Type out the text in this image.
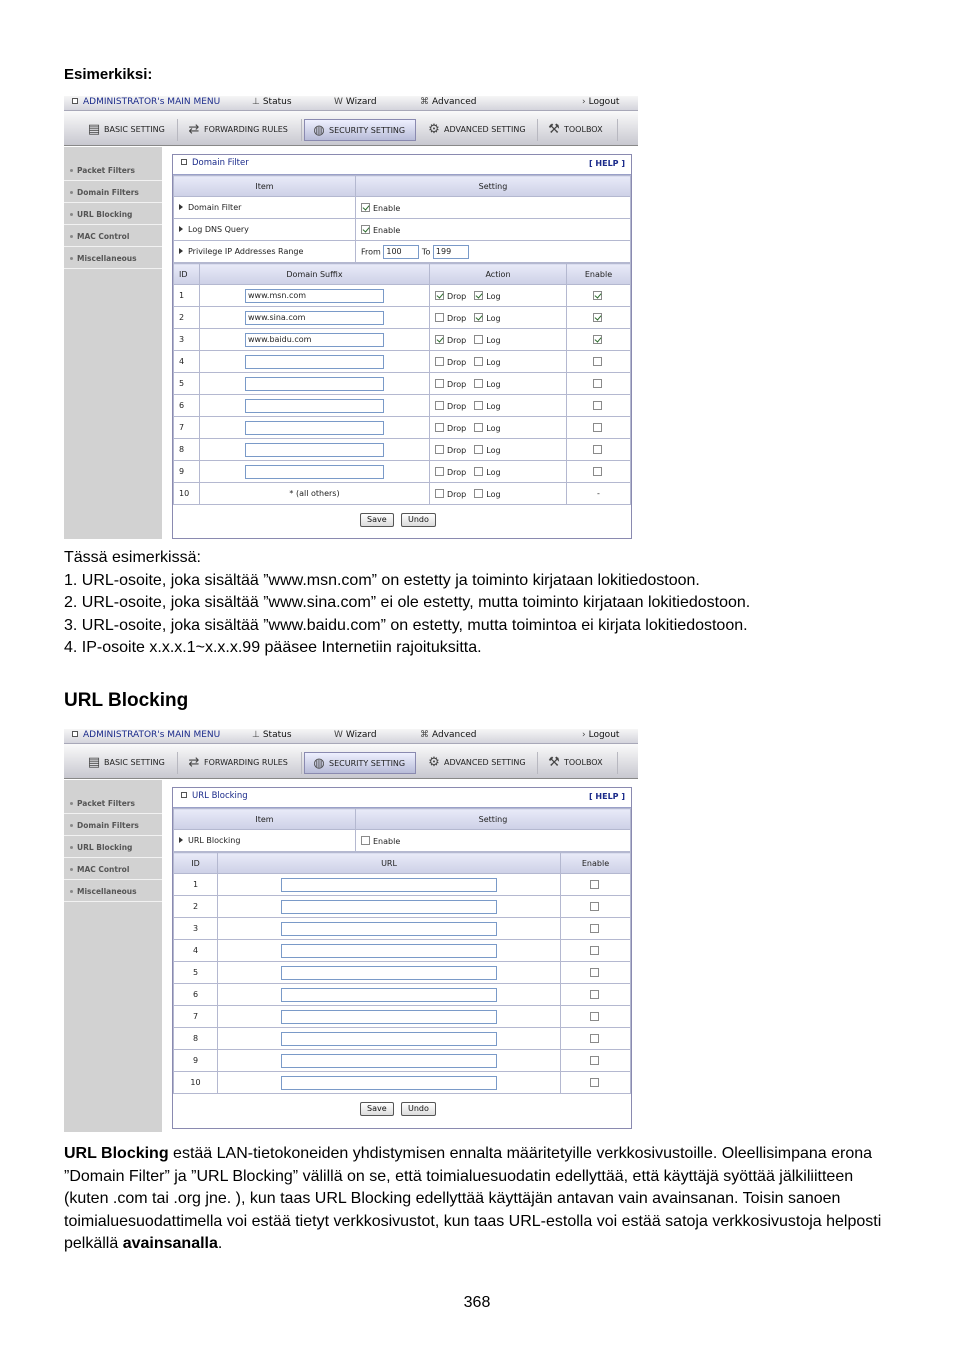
Esimerkiksi:
ADMINISTRATOR's MAIN MENU	⊥ Status	W Wizard	⌘ Advanced	› Logout
▤ BASIC SETTING	⇄ FORWARDING RULES	◍ SECURITY SETTING	⚙ ADVANCED SETTING	⚒ TOOLBOX
Packet Filters
Domain Filters
URL Blocking
MAC Control
Miscellaneous
Domain Filter	[ HELP ]
Item	Setting
Domain Filter	Enable
Log DNS Query	Enable
Privilege IP Addresses Range	From 100 To 199
ID	Domain Suffix	Action	Enable
1	www.msn.com	Drop Log	
2	www.sina.com	Drop Log	
3	www.baidu.com	Drop Log	
4		Drop Log	
5		Drop Log	
6		Drop Log	
7		Drop Log	
8		Drop Log	
9		Drop Log	
10	* (all others)	Drop Log	-
Save	Undo
Tässä esimerkissä:
1. URL-osoite, joka sisältää ”www.msn.com” on estetty ja toiminto kirjataan lokitiedostoon.
2. URL-osoite, joka sisältää ”www.sina.com” ei ole estetty, mutta toiminto kirjataan lokitiedostoon.
3. URL-osoite, joka sisältää ”www.baidu.com” on estetty, mutta toimintoa ei kirjata lokitiedostoon.
4. IP-osoite x.x.x.1~x.x.x.99 pääsee Internetiin rajoituksitta.
URL Blocking
ADMINISTRATOR's MAIN MENU	⊥ Status	W Wizard	⌘ Advanced	› Logout
▤ BASIC SETTING	⇄ FORWARDING RULES	◍ SECURITY SETTING	⚙ ADVANCED SETTING	⚒ TOOLBOX
Packet Filters
Domain Filters
URL Blocking
MAC Control
Miscellaneous
URL Blocking	[ HELP ]
Item	Setting
URL Blocking	Enable
ID	URL	Enable
1		
2		
3		
4		
5		
6		
7		
8		
9		
10		
Save	Undo
URL Blocking estää LAN-tietokoneiden yhdistymisen ennalta määritetyille verkkosivustoille. Oleellisimpana erona ”Domain Filter” ja ”URL Blocking” välillä on se, että toimialuesuodatin edellyttää, että käyttäjä syöttää jälkiliitteen (kuten .com tai .org jne. ), kun taas URL Blocking edellyttää käyttäjän antavan vain avainsanan. Toisin sanoen toimialuesuodattimella voi estää tietyt verkkosivustot, kun taas URL-estolla voi estää satoja verkkosivustoja helposti pelkällä avainsanalla.
368
